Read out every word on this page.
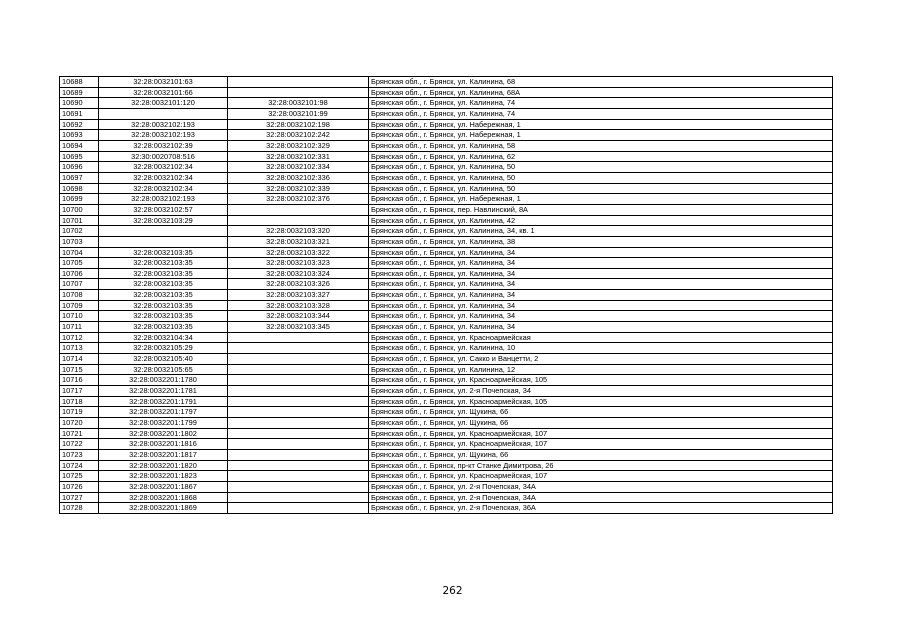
10688	32:28:0032101:63		Брянская обл., г. Брянск, ул. Калинина, 68
10689	32:28:0032101:66		Брянская обл., г. Брянск, ул. Калинина, 68А
10690	32:28:0032101:120	32:28:0032101:98	Брянская обл., г. Брянск, ул. Калинина, 74
10691		32:28:0032101:99	Брянская обл., г. Брянск, ул. Калинина, 74
10692	32:28:0032102:193	32:28:0032102:198	Брянская обл., г. Брянск, ул. Набережная, 1
10693	32:28:0032102:193	32:28:0032102:242	Брянская обл., г. Брянск, ул. Набережная, 1
10694	32:28:0032102:39	32:28:0032102:329	Брянская обл., г. Брянск, ул. Калинина, 58
10695	32:30:0020708:516	32:28:0032102:331	Брянская обл., г. Брянск, ул. Калинина, 62
10696	32:28:0032102:34	32:28:0032102:334	Брянская обл., г. Брянск, ул. Калинина, 50
10697	32:28:0032102:34	32:28:0032102:336	Брянская обл., г. Брянск, ул. Калинина, 50
10698	32:28:0032102:34	32:28:0032102:339	Брянская обл., г. Брянск, ул. Калинина, 50
10699	32:28:0032102:193	32:28:0032102:376	Брянская обл., г. Брянск, ул. Набережная, 1
10700	32:28:0032102:57		Брянская обл., г. Брянск, пер. Навлинский, 8А
10701	32:28:0032103:29		Брянская обл., г. Брянск, ул. Калинина, 42
10702		32:28:0032103:320	Брянская обл., г. Брянск, ул. Калинина, 34, кв. 1
10703		32:28:0032103:321	Брянская обл., г. Брянск, ул. Калинина, 38
10704	32:28:0032103:35	32:28:0032103:322	Брянская обл., г. Брянск, ул. Калинина, 34
10705	32:28:0032103:35	32:28:0032103:323	Брянская обл., г. Брянск, ул. Калинина, 34
10706	32:28:0032103:35	32:28:0032103:324	Брянская обл., г. Брянск, ул. Калинина, 34
10707	32:28:0032103:35	32:28:0032103:326	Брянская обл., г. Брянск, ул. Калинина, 34
10708	32:28:0032103:35	32:28:0032103:327	Брянская обл., г. Брянск, ул. Калинина, 34
10709	32:28:0032103:35	32:28:0032103:328	Брянская обл., г. Брянск, ул. Калинина, 34
10710	32:28:0032103:35	32:28:0032103:344	Брянская обл., г. Брянск, ул. Калинина, 34
10711	32:28:0032103:35	32:28:0032103:345	Брянская обл., г. Брянск, ул. Калинина, 34
10712	32:28:0032104:34		Брянская обл., г. Брянск, ул. Красноармейская
10713	32:28:0032105:29		Брянская обл., г. Брянск, ул. Калинина, 10
10714	32:28:0032105:40		Брянская обл., г. Брянск, ул. Сакко и Ванцетти, 2
10715	32:28:0032105:65		Брянская обл., г. Брянск, ул. Калинина, 12
10716	32:28:0032201:1780		Брянская обл., г. Брянск, ул. Красноармейская, 105
10717	32:28:0032201:1781		Брянская обл., г. Брянск, ул. 2-я Почепская, 34
10718	32:28:0032201:1791		Брянская обл., г. Брянск, ул. Красноармейская, 105
10719	32:28:0032201:1797		Брянская обл., г. Брянск, ул. Щукина, 66
10720	32:28:0032201:1799		Брянская обл., г. Брянск, ул. Щукина, 66
10721	32:28:0032201:1802		Брянская обл., г. Брянск, ул. Красноармейская, 107
10722	32:28:0032201:1816		Брянская обл., г. Брянск, ул. Красноармейская, 107
10723	32:28:0032201:1817		Брянская обл., г. Брянск, ул. Щукина, 66
10724	32:28:0032201:1820		Брянская обл., г. Брянск, пр-кт Станке Димитрова, 26
10725	32:28:0032201:1823		Брянская обл., г. Брянск, ул. Красноармейская, 107
10726	32:28:0032201:1867		Брянская обл., г. Брянск, ул. 2-я Почепская, 34А
10727	32:28:0032201:1868		Брянская обл., г. Брянск, ул. 2-я Почепская, 34А
10728	32:28:0032201:1869		Брянская обл., г. Брянск, ул. 2-я Почепская, 36А
262
